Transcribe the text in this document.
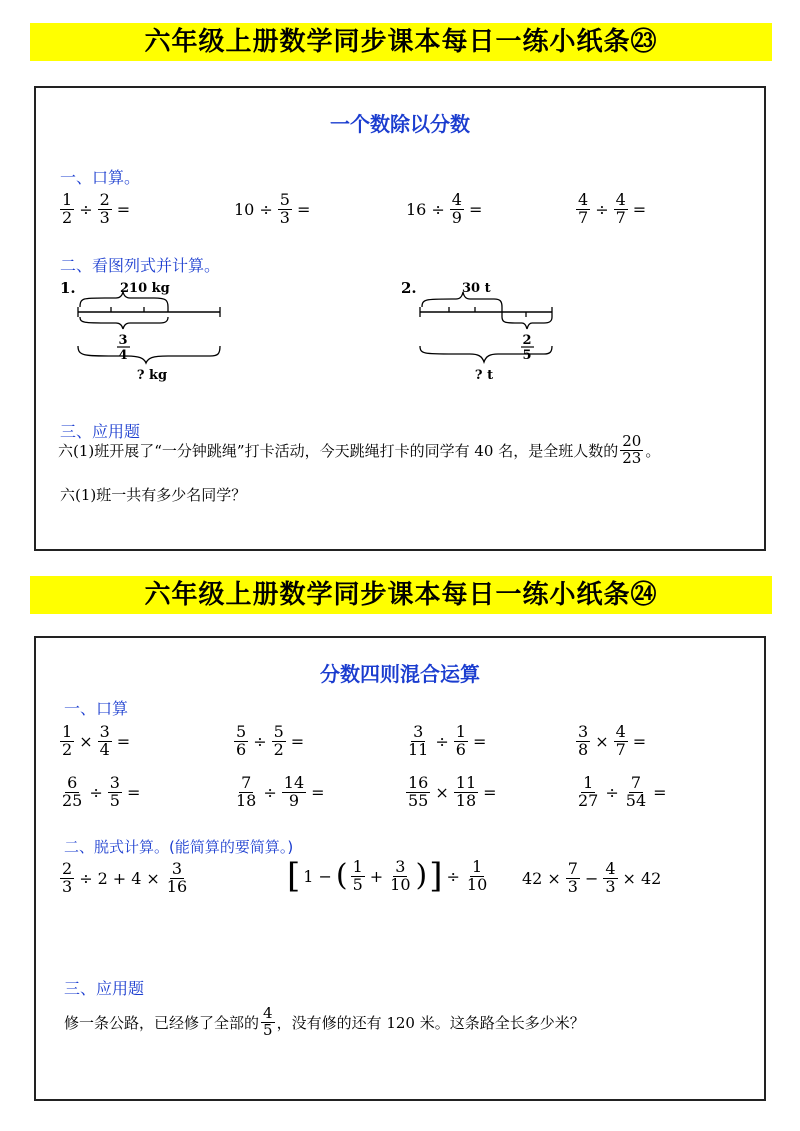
六年级上册数学同步课本每日一练小纸条㉓
一个数除以分数
一、口算。
$\frac{1}{2} \div \frac{2}{3}$ =	$10 \div \frac{5}{3}$ =	$16 \div \frac{4}{9}$ =	$\frac{4}{7} \div \frac{4}{7}$ =
二、看图列式并计算。
1.	210 kg
3
4
? kg
2.	30 t
2
5
? t
三、应用题
六(1)班开展了“一分钟跳绳”打卡活动，今天跳绳打卡的同学有 40 名，是全班人数的 $\frac{20}{23}$ 。
六(1)班一共有多少名同学？
六年级上册数学同步课本每日一练小纸条㉔
分数四则混合运算
一、口算
$\frac{1}{2} \times \frac{3}{4}$ =	$\frac{5}{6} \div \frac{5}{2}$ =	$\frac{3}{11} \div \frac{1}{6}$ =	$\frac{3}{8} \times \frac{4}{7}$ =
$\frac{6}{25} \div \frac{3}{5}$ =	$\frac{7}{18} \div \frac{14}{9}$ =	$\frac{16}{55} \times \frac{11}{18}$ =	$\frac{1}{27} \div \frac{7}{54}$ =
二、脱式计算。(能简算的要简算。)
$\frac{2}{3} \div 2 + 4 \times \frac{3}{16}$	[ 1 − ( $\frac{1}{5} + \frac{3}{10}$ ) ] ÷ $\frac{1}{10} 42 \times \frac{7}{3} - \frac{4}{3} \times 42$
三、应用题
修一条公路，已经修了全部的 $\frac{4}{5}$ ，没有修的还有 120 米。这条路全长多少米？
